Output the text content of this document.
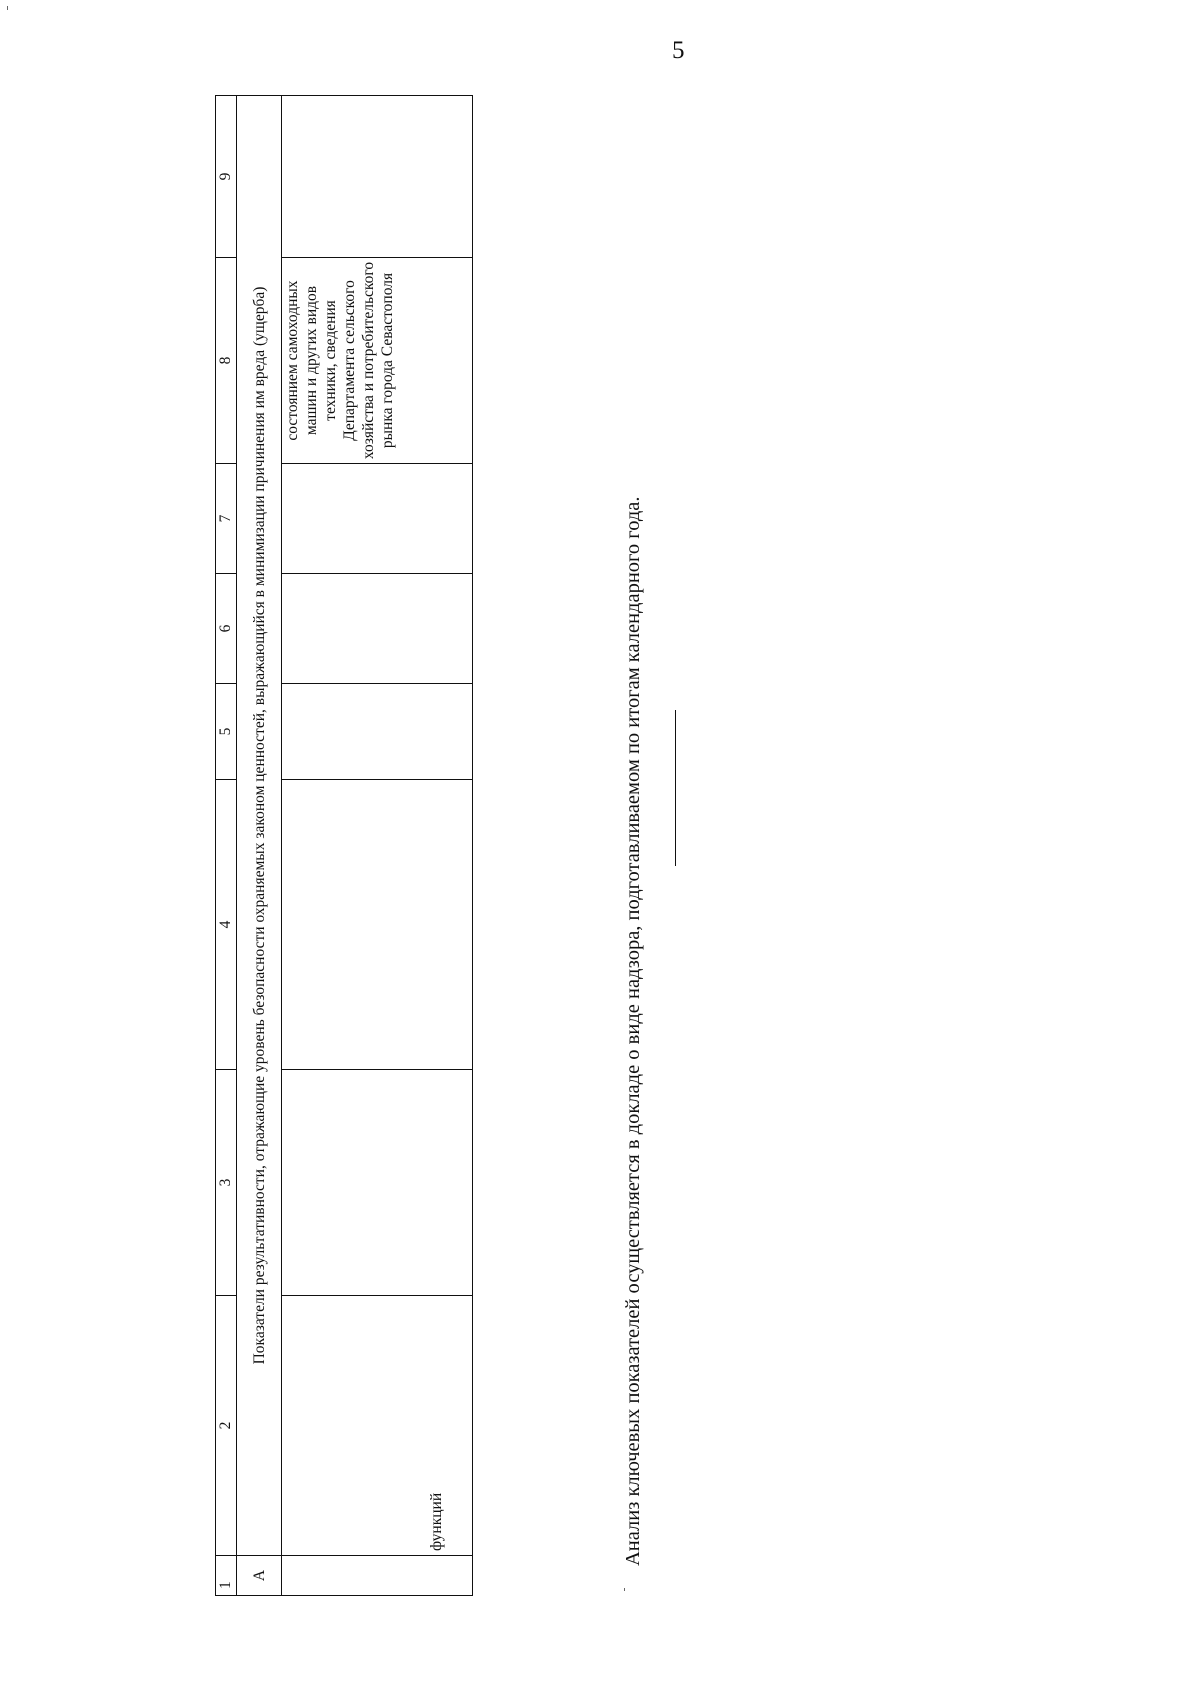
5
1	2	3	4	5	6	7	8	9
А	Показатели результативности, отражающие уровень безопасности охраняемых законом ценностей, выражающийся в минимизации причинения им вреда (ущерба)							
	функций						состоянием самоходных машин и других видов техники, сведения Департамента сельского хозяйства и потребительского рынка города Севастополя	

Анализ ключевых показателей осуществляется в докладе о виде надзора, подготавливаемом по итогам календарного года.
